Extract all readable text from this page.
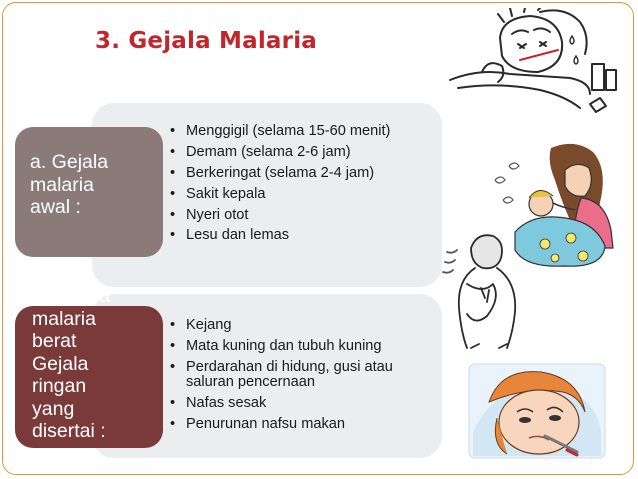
3. Gejala Malaria
a. Gejala
malaria
awal :
b. Gejala
malaria
berat
Gejala
ringan
yang
disertai :
• Menggigil (selama 15-60 menit)
• Demam (selama 2-6 jam)
• Berkeringat (selama 2-4 jam)
• Sakit kepala
• Nyeri otot
• Lesu dan lemas
• Kejang
• Mata kuning dan tubuh kuning
• Perdarahan di hidung, gusi atau saluran pencernaan
• Nafas sesak
• Penurunan nafsu makan
